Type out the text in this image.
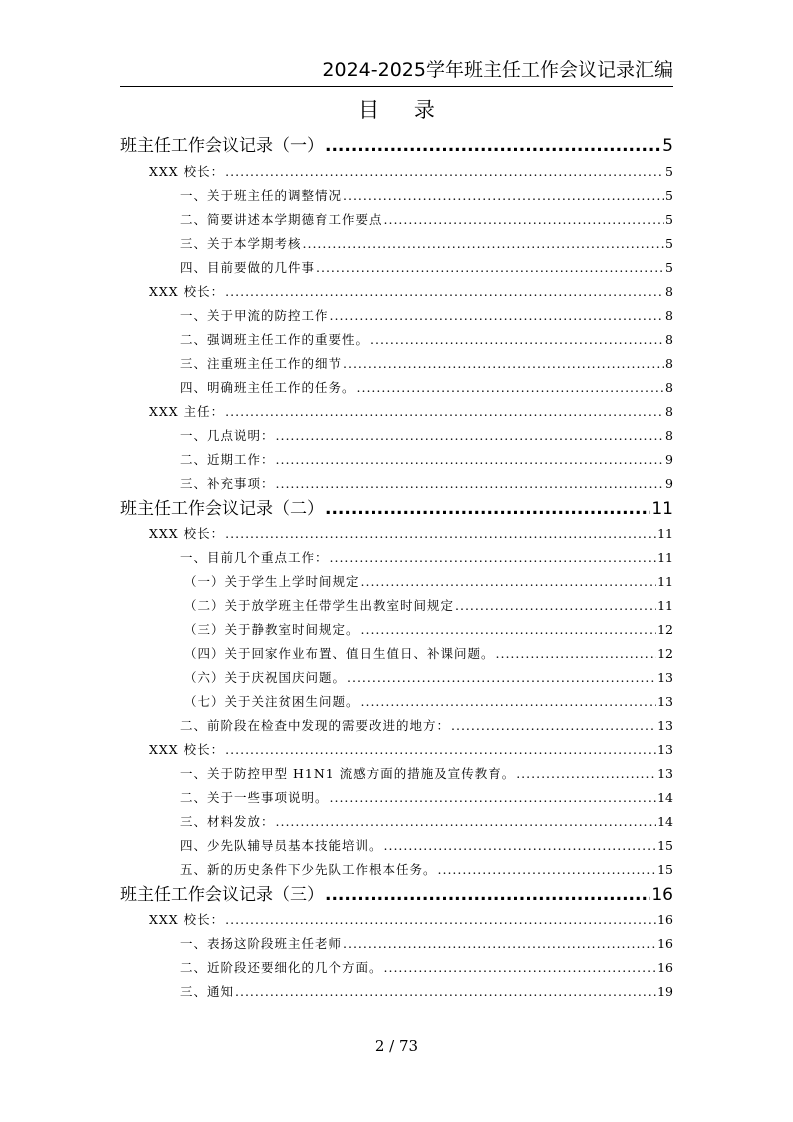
2024-2025学年班主任工作会议记录汇编
目 录
班主任工作会议记录（一） .....	5
XXX 校长： .....	5
一、关于班主任的调整情况 .....	5
二、简要讲述本学期德育工作要点 .....	5
三、关于本学期考核 .....	5
四、目前要做的几件事 .....	5
XXX 校长： .....	8
一、关于甲流的防控工作 .....	8
二、强调班主任工作的重要性。 .....	8
三、注重班主任工作的细节 .....	8
四、明确班主任工作的任务。 .....	8
XXX 主任： .....	8
一、几点说明： .....	8
二、近期工作： .....	9
三、补充事项： .....	9
班主任工作会议记录（二） .....	11
XXX 校长： .....	11
一、目前几个重点工作： .....	11
（一）关于学生上学时间规定 .....	11
（二）关于放学班主任带学生出教室时间规定 .....	11
（三）关于静教室时间规定。 .....	12
（四）关于回家作业布置、值日生值日、补课问题。 .....	12
（六）关于庆祝国庆问题。 .....	13
（七）关于关注贫困生问题。 .....	13
二、前阶段在检查中发现的需要改进的地方： .....	13
XXX 校长： .....	13
一、关于防控甲型 H1N1 流感方面的措施及宣传教育。 .....	13
二、关于一些事项说明。 .....	14
三、材料发放： .....	14
四、少先队辅导员基本技能培训。 .....	15
五、新的历史条件下少先队工作根本任务。 .....	15
班主任工作会议记录（三） .....	16
XXX 校长： .....	16
一、表扬这阶段班主任老师 .....	16
二、近阶段还要细化的几个方面。 .....	16
三、通知 .....	19
2 / 73
